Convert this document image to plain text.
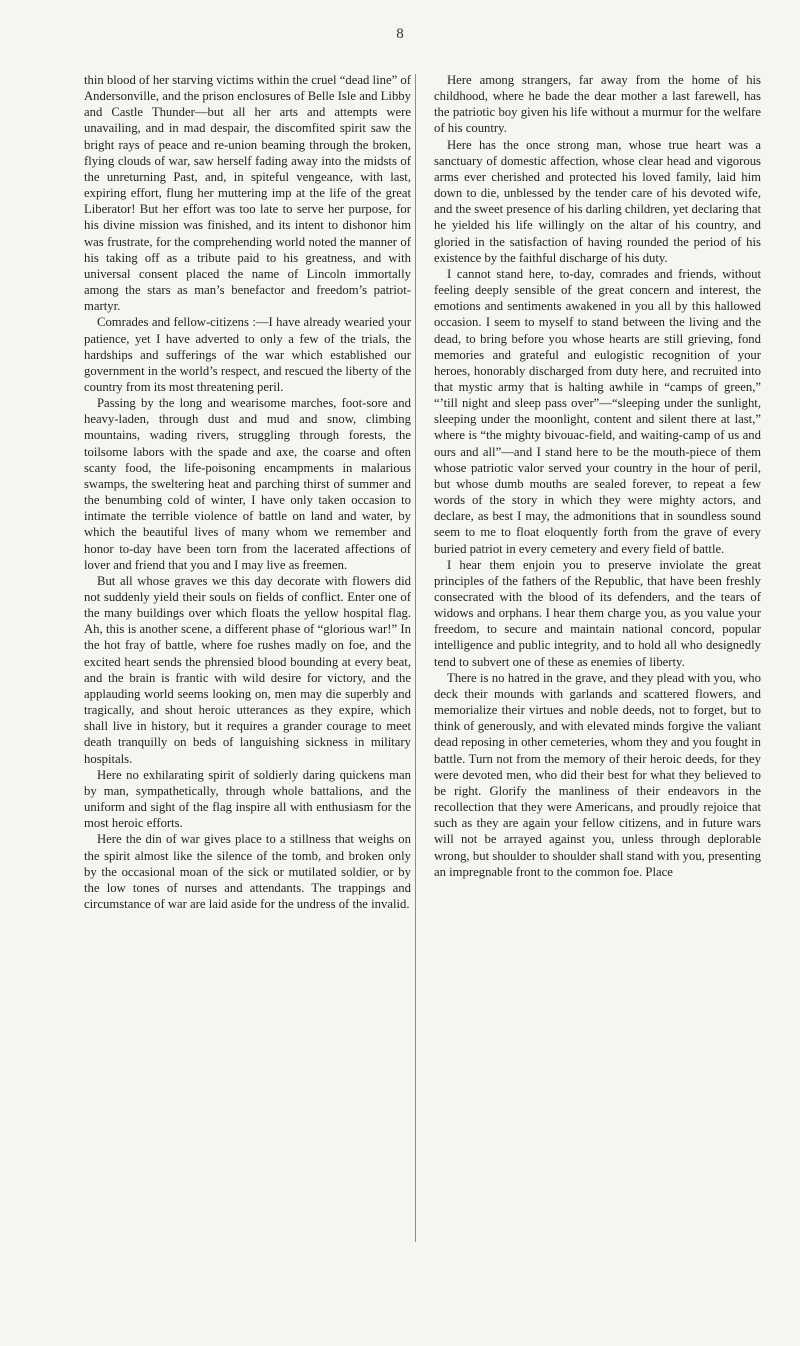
8

thin blood of her starving victims within the cruel “dead line” of Andersonville, and the prison enclosures of Belle Isle and Libby and Castle Thunder—but all her arts and attempts were unavailing, and in mad despair, the discomfited spirit saw the bright rays of peace and re-union beaming through the broken, flying clouds of war, saw herself fading away into the midsts of the unreturning Past, and, in spiteful vengeance, with last, expiring effort, flung her muttering imp at the life of the great Liberator! But her effort was too late to serve her purpose, for his divine mission was finished, and its intent to dishonor him was frustrate, for the comprehending world noted the manner of his taking off as a tribute paid to his greatness, and with universal consent placed the name of Lincoln immortally among the stars as man’s benefactor and freedom’s patriot-martyr.

Comrades and fellow-citizens :—I have already wearied your patience, yet I have adverted to only a few of the trials, the hardships and sufferings of the war which established our government in the world’s respect, and rescued the liberty of the country from its most threatening peril.

Passing by the long and wearisome marches, foot-sore and heavy-laden, through dust and mud and snow, climbing mountains, wading rivers, struggling through forests, the toilsome labors with the spade and axe, the coarse and often scanty food, the life-poisoning encampments in malarious swamps, the sweltering heat and parching thirst of summer and the benumbing cold of winter, I have only taken occasion to intimate the terrible violence of battle on land and water, by which the beautiful lives of many whom we remember and honor to-day have been torn from the lacerated affections of lover and friend that you and I may live as freemen.

But all whose graves we this day decorate with flowers did not suddenly yield their souls on fields of conflict. Enter one of the many buildings over which floats the yellow hospital flag. Ah, this is another scene, a different phase of “glorious war!” In the hot fray of battle, where foe rushes madly on foe, and the excited heart sends the phrensied blood bounding at every beat, and the brain is frantic with wild desire for victory, and the applauding world seems looking on, men may die superbly and tragically, and shout heroic utterances as they expire, which shall live in history, but it requires a grander courage to meet death tranquilly on beds of languishing sickness in military hospitals.

Here no exhilarating spirit of soldierly daring quickens man by man, sympathetically, through whole battalions, and the uniform and sight of the flag inspire all with enthusiasm for the most heroic efforts.

Here the din of war gives place to a stillness that weighs on the spirit almost like the silence of the tomb, and broken only by the occasional moan of the sick or mutilated soldier, or by the low tones of nurses and attendants. The trappings and circumstance of war are laid aside for the undress of the invalid.

Here among strangers, far away from the home of his childhood, where he bade the dear mother a last farewell, has the patriotic boy given his life without a murmur for the welfare of his country.

Here has the once strong man, whose true heart was a sanctuary of domestic affection, whose clear head and vigorous arms ever cherished and protected his loved family, laid him down to die, unblessed by the tender care of his devoted wife, and the sweet presence of his darling children, yet declaring that he yielded his life willingly on the altar of his country, and gloried in the satisfaction of having rounded the period of his existence by the faithful discharge of his duty.

I cannot stand here, to-day, comrades and friends, without feeling deeply sensible of the great concern and interest, the emotions and sentiments awakened in you all by this hallowed occasion. I seem to myself to stand between the living and the dead, to bring before you whose hearts are still grieving, fond memories and grateful and eulogistic recognition of your heroes, honorably discharged from duty here, and recruited into that mystic army that is halting awhile in “camps of green,” “’till night and sleep pass over”—“sleeping under the sunlight, sleeping under the moonlight, content and silent there at last,” where is “the mighty bivouac-field, and waiting-camp of us and ours and all”—and I stand here to be the mouth-piece of them whose patriotic valor served your country in the hour of peril, but whose dumb mouths are sealed forever, to repeat a few words of the story in which they were mighty actors, and declare, as best I may, the admonitions that in soundless sound seem to me to float eloquently forth from the grave of every buried patriot in every cemetery and every field of battle.

I hear them enjoin you to preserve inviolate the great principles of the fathers of the Republic, that have been freshly consecrated with the blood of its defenders, and the tears of widows and orphans. I hear them charge you, as you value your freedom, to secure and maintain national concord, popular intelligence and public integrity, and to hold all who designedly tend to subvert one of these as enemies of liberty.

There is no hatred in the grave, and they plead with you, who deck their mounds with garlands and scattered flowers, and memorialize their virtues and noble deeds, not to forget, but to think of generously, and with elevated minds forgive the valiant dead reposing in other cemeteries, whom they and you fought in battle. Turn not from the memory of their heroic deeds, for they were devoted men, who did their best for what they believed to be right. Glorify the manliness of their endeavors in the recollection that they were Americans, and proudly rejoice that such as they are again your fellow citizens, and in future wars will not be arrayed against you, unless through deplorable wrong, but shoulder to shoulder shall stand with you, presenting an impregnable front to the common foe. Place
